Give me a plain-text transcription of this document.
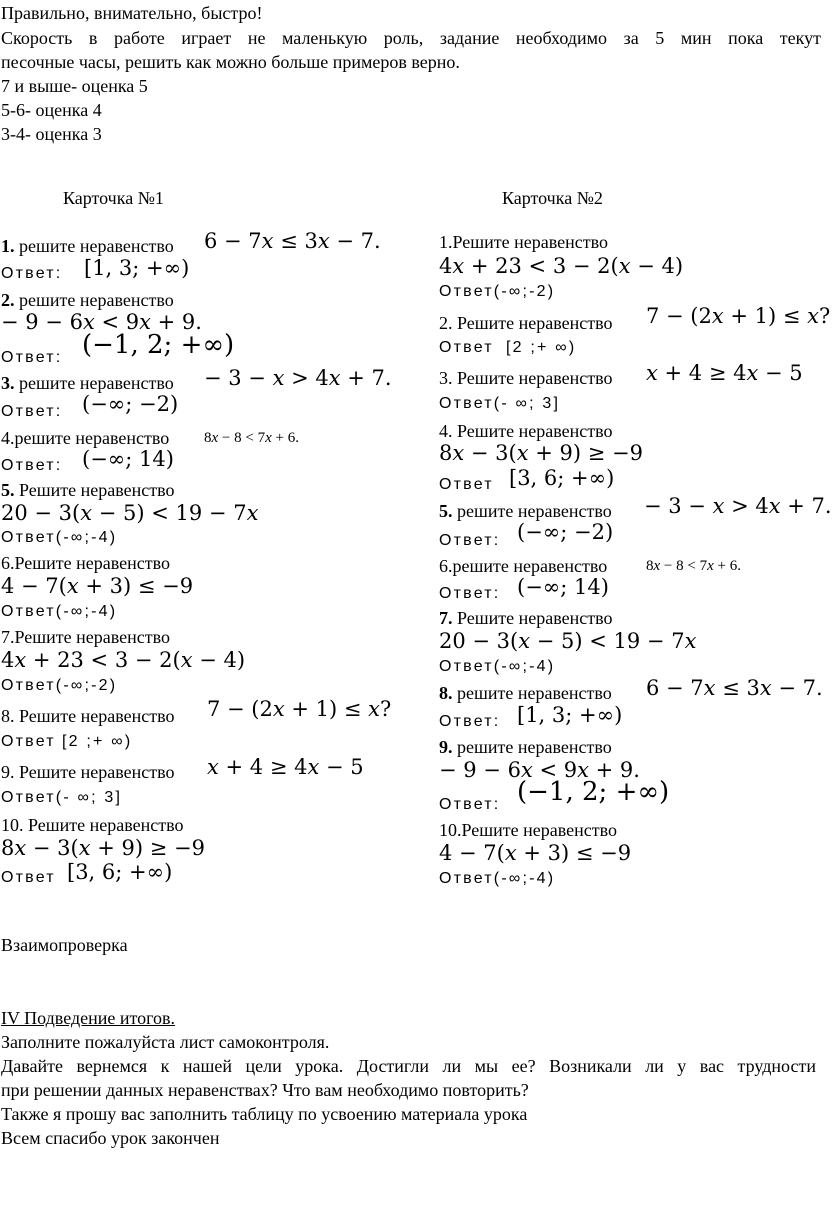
Правильно, внимательно, быстро!
Скорость в работе играет не маленькую роль, задание необходимо за 5 мин пока текут
песочные часы, решить как можно больше примеров верно.
7 и выше- оценка 5
5-6- оценка 4
3-4- оценка 3
Карточка №1
1. решите неравенство 6 − 7x ≤ 3x − 7.
Ответ: [1, 3; +∞)
2. решите неравенство
− 9 − 6x < 9x + 9.
Ответ: (−1, 2; +∞)
3. решите неравенство − 3 − x > 4x + 7.
Ответ: (−∞; −2)
4.решите неравенство 8x − 8 < 7x + 6.
Ответ: (−∞; 14)
5. Решите неравенство
20 − 3(x − 5) < 19 − 7x
Ответ(-∞;-4)
6.Решите неравенство
4 − 7(x + 3) ≤ −9
Ответ(-∞;-4)
7.Решите неравенство
4x + 23 < 3 − 2(x − 4)
Ответ(-∞;-2)
8. Решите неравенство 7 − (2x + 1) ≤ x?
Ответ [2 ;+ ∞)
9. Решите неравенство x + 4 ≥ 4x − 5
Ответ(- ∞; 3]
10. Решите неравенство
8x − 3(x + 9) ≥ −9
Ответ [3, 6; +∞)
Карточка №2
1.Решите неравенство
4x + 23 < 3 − 2(x − 4)
Ответ(-∞;-2)
2. Решите неравенство 7 − (2x + 1) ≤ x?
Ответ [2 ;+ ∞)
3. Решите неравенство x + 4 ≥ 4x − 5
Ответ(- ∞; 3]
4. Решите неравенство
8x − 3(x + 9) ≥ −9
Ответ [3, 6; +∞)
5. решите неравенство − 3 − x > 4x + 7.
Ответ: (−∞; −2)
6.решите неравенство	8x − 8 < 7x + 6.
Ответ: (−∞; 14)
7. Решите неравенство
20 − 3(x − 5) < 19 − 7x
Ответ(-∞;-4)
8. решите неравенство 6 − 7x ≤ 3x − 7.
Ответ: [1, 3; +∞)
9. решите неравенство
− 9 − 6x < 9x + 9.
Ответ: (−1, 2; +∞)
10.Решите неравенство
4 − 7(x + 3) ≤ −9
Ответ(-∞;-4)
Взаимопроверка
IV Подведение итогов.
Заполните пожалуйста лист самоконтроля.
Давайте вернемся к нашей цели урока. Достигли ли мы ее? Возникали ли у вас трудности
при решении данных неравенствах? Что вам необходимо повторить?
Также я прошу вас заполнить таблицу по усвоению материала урока
Всем спасибо урок закончен
